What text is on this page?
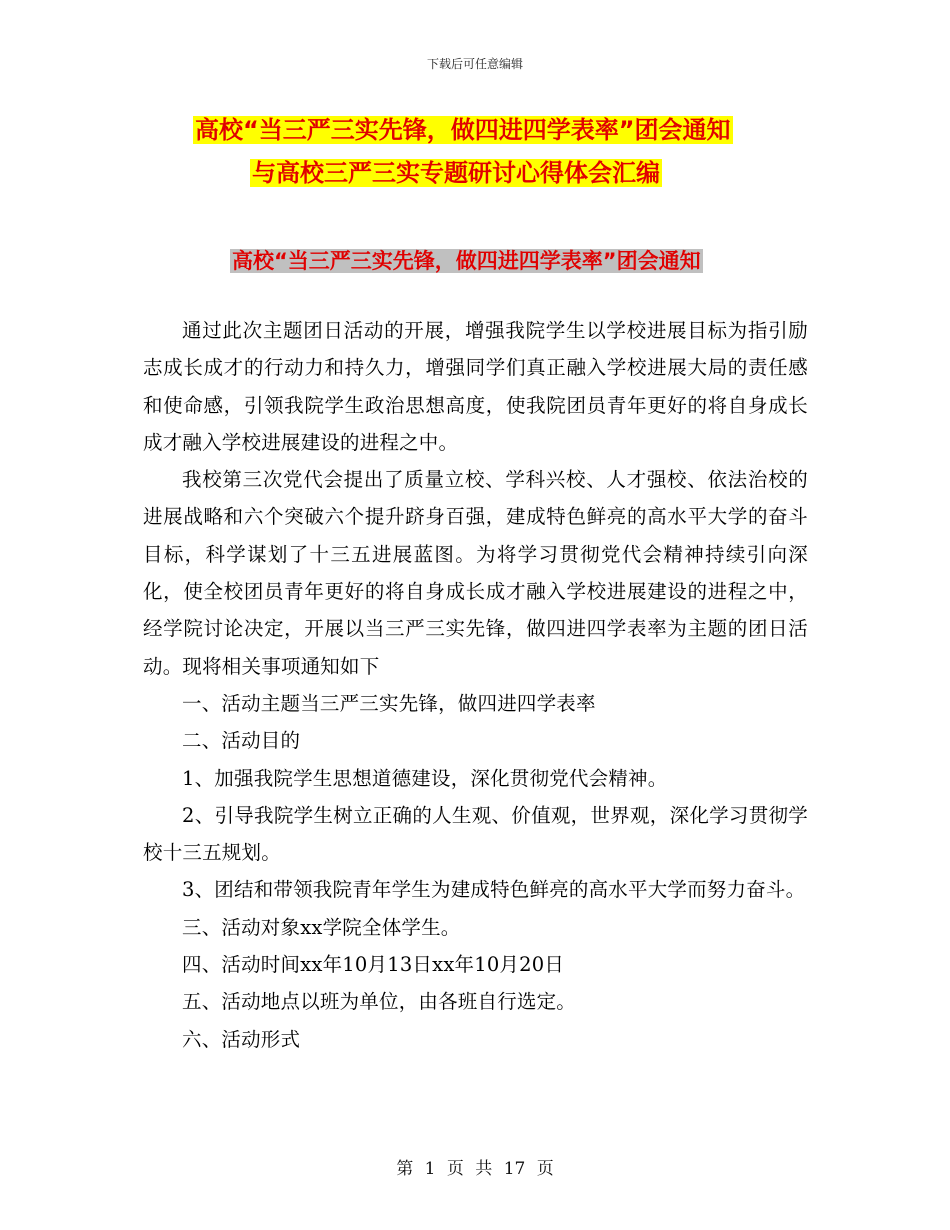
下载后可任意编辑
高校“当三严三实先锋，做四进四学表率”团会通知
与高校三严三实专题研讨心得体会汇编
高校“当三严三实先锋，做四进四学表率”团会通知

通过此次主题团日活动的开展，增强我院学生以学校进展目标为指引励志成长成才的行动力和持久力，增强同学们真正融入学校进展大局的责任感和使命感，引领我院学生政治思想高度，使我院团员青年更好的将自身成长成才融入学校进展建设的进程之中。

我校第三次党代会提出了质量立校、学科兴校、人才强校、依法治校的进展战略和六个突破六个提升跻身百强，建成特色鲜亮的高水平大学的奋斗目标，科学谋划了十三五进展蓝图。为将学习贯彻党代会精神持续引向深化，使全校团员青年更好的将自身成长成才融入学校进展建设的进程之中，经学院讨论决定，开展以当三严三实先锋，做四进四学表率为主题的团日活动。现将相关事项通知如下

一、活动主题当三严三实先锋，做四进四学表率

二、活动目的

1、加强我院学生思想道德建设，深化贯彻党代会精神。

2、引导我院学生树立正确的人生观、价值观，世界观，深化学习贯彻学校十三五规划。

3、团结和带领我院青年学生为建成特色鲜亮的高水平大学而努力奋斗。

三、活动对象xx学院全体学生。

四、活动时间xx年10月13日xx年10月20日

五、活动地点以班为单位，由各班自行选定。

六、活动形式

第 1 页 共 17 页
